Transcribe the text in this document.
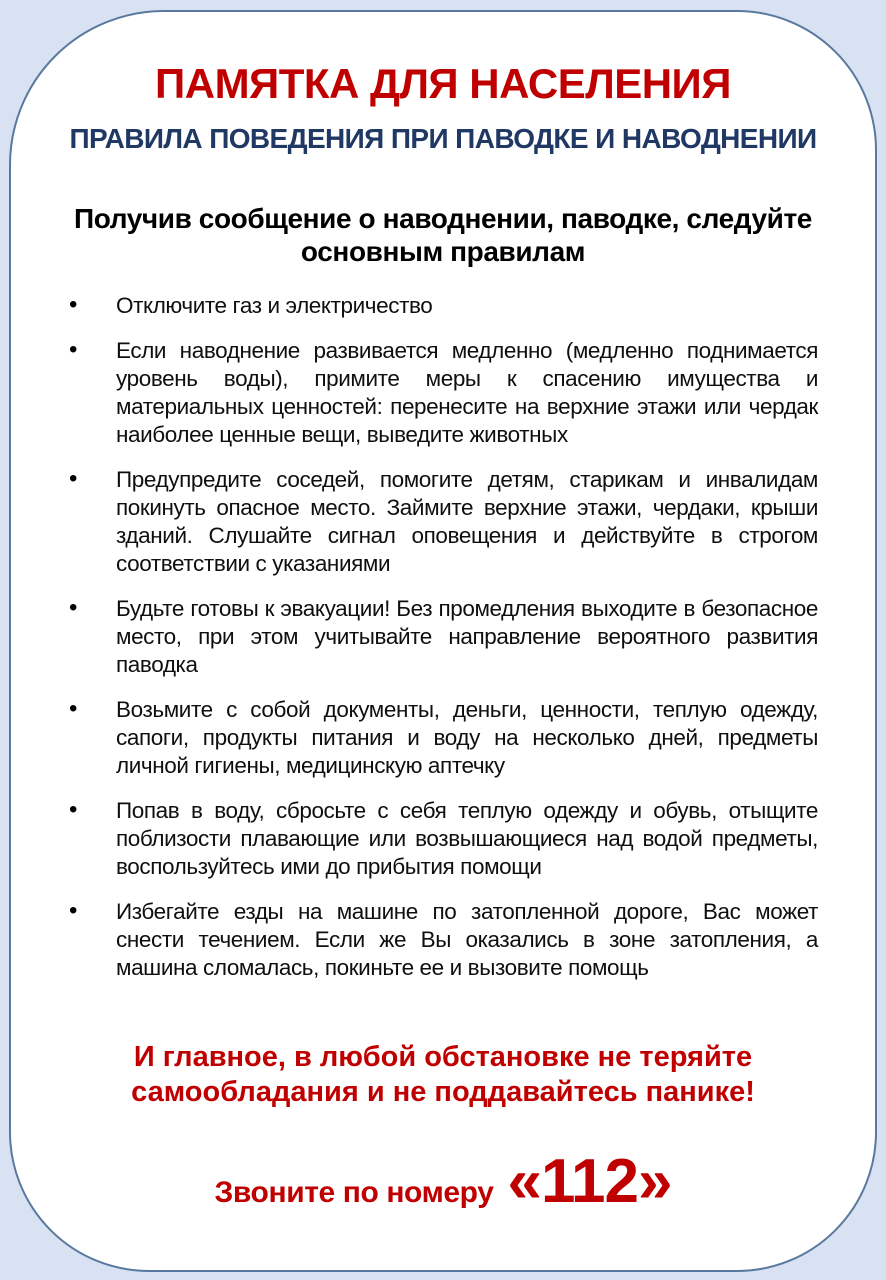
ПАМЯТКА ДЛЯ НАСЕЛЕНИЯ
ПРАВИЛА ПОВЕДЕНИЯ ПРИ ПАВОДКЕ И НАВОДНЕНИИ
Получив сообщение о наводнении, паводке, следуйте основным правилам
• Отключите газ и электричество
• Если наводнение развивается медленно (медленно поднимается уровень воды), примите меры к спасению имущества и материальных ценностей: перенесите на верхние этажи или чердак наиболее ценные вещи, выведите животных
• Предупредите соседей, помогите детям, старикам и инвалидам покинуть опасное место. Займите верхние этажи, чердаки, крыши зданий. Слушайте сигнал оповещения и действуйте в строгом соответствии с указаниями
• Будьте готовы к эвакуации! Без промедления выходите в безопасное место, при этом учитывайте направление вероятного развития паводка
• Возьмите с собой документы, деньги, ценности, теплую одежду, сапоги, продукты питания и воду на несколько дней, предметы личной гигиены, медицинскую аптечку
• Попав в воду, сбросьте с себя теплую одежду и обувь, отыщите поблизости плавающие или возвышающиеся над водой предметы, воспользуйтесь ими до прибытия помощи
• Избегайте езды на машине по затопленной дороге, Вас может снести течением. Если же Вы оказались в зоне затопления, а машина сломалась, покиньте ее и вызовите помощь

И главное, в любой обстановке не теряйте самообладания и не поддавайтесь панике!

Звоните по номеру «112»
